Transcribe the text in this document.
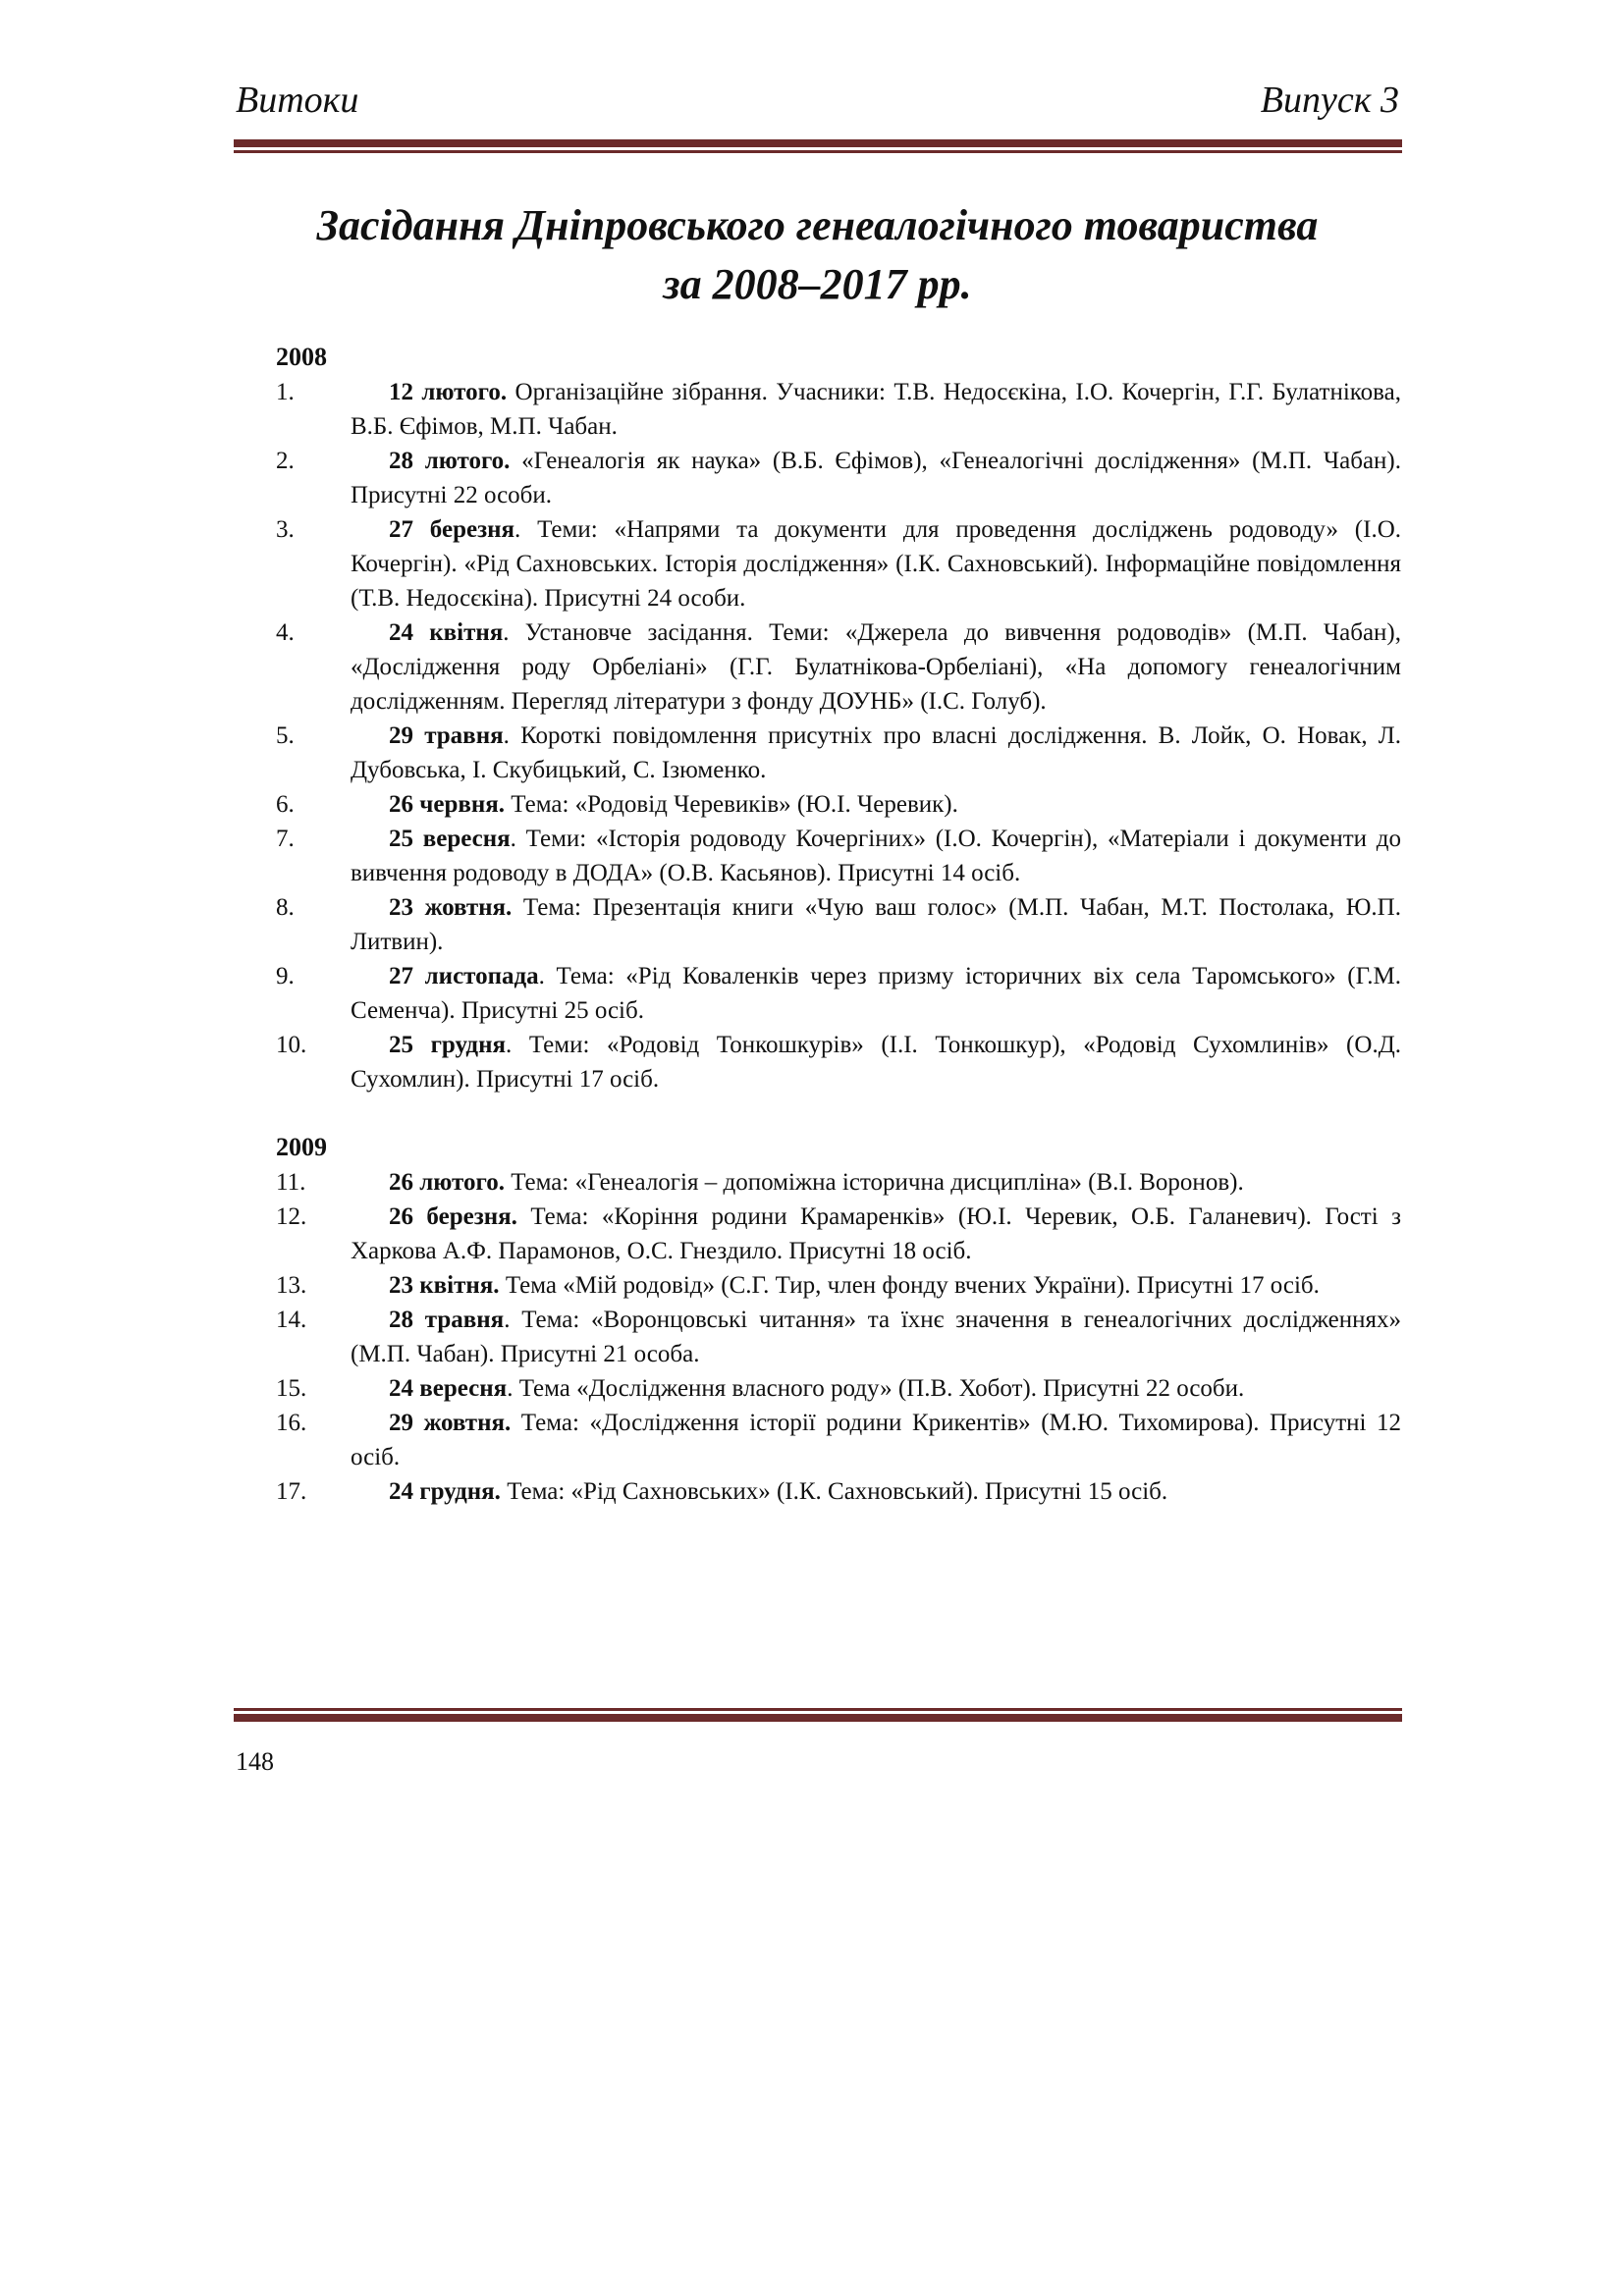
Витоки	Випуск 3
Засідання Дніпровського генеалогічного товариства
за 2008–2017 рр.
2008
1.	12 лютого. Організаційне зібрання. Учасники: Т.В. Недосєкіна, І.О. Кочергін, Г.Г. Булатнікова, В.Б. Єфімов, М.П. Чабан.
2.	28 лютого. «Генеалогія як наука» (В.Б. Єфімов), «Генеалогічні дослідження» (М.П. Чабан). Присутні 22 особи.
3.	27 березня. Теми: «Напрями та документи для проведення досліджень родоводу» (І.О. Кочергін). «Рід Сахновських. Історія дослідження» (І.К. Сахновський). Інформаційне повідомлення (Т.В. Недосєкіна). Присутні 24 особи.
4.	24 квітня. Установче засідання. Теми: «Джерела до вивчення родоводів» (М.П. Чабан), «Дослідження роду Орбеліані» (Г.Г. Булатнікова-Орбеліані), «На допомогу генеалогічним дослідженням. Перегляд літератури з фонду ДОУНБ» (І.С. Голуб).
5.	29 травня. Короткі повідомлення присутніх про власні дослідження. В. Лойк, О. Новак, Л. Дубовська, І. Скубицький, С. Ізюменко.
6.	26 червня. Тема: «Родовід Черевиків» (Ю.І. Черевик).
7.	25 вересня. Теми: «Історія родоводу Кочергіних» (І.О. Кочергін), «Матеріали і документи до вивчення родоводу в ДОДА» (О.В. Касьянов). Присутні 14 осіб.
8.	23 жовтня. Тема: Презентація книги «Чую ваш голос» (М.П. Чабан, М.Т. Постолака, Ю.П. Литвин).
9.	27 листопада. Тема: «Рід Коваленків через призму історичних віх села Таромського» (Г.М. Семенча). Присутні 25 осіб.
10.	25 грудня. Теми: «Родовід Тонкошкурів» (І.І. Тонкошкур), «Родовід Сухомлинів» (О.Д. Сухомлин). Присутні 17 осіб.
2009
11.	26 лютого. Тема: «Генеалогія – допоміжна історична дисципліна» (В.І. Воронов).
12.	26 березня. Тема: «Коріння родини Крамаренків» (Ю.І. Черевик, О.Б. Галаневич). Гості з Харкова А.Ф. Парамонов, О.С. Гнездило. Присутні 18 осіб.
13.	23 квітня. Тема «Мій родовід» (С.Г. Тир, член фонду вчених України). Присутні 17 осіб.
14.	28 травня. Тема: «Воронцовські читання» та їхнє значення в генеалогічних дослідженнях» (М.П. Чабан). Присутні 21 особа.
15.	24 вересня. Тема «Дослідження власного роду» (П.В. Хобот). Присутні 22 особи.
16.	29 жовтня. Тема: «Дослідження історії родини Крикентів» (М.Ю. Тихомирова). Присутні 12 осіб.
17.	24 грудня. Тема: «Рід Сахновських» (І.К. Сахновський). Присутні 15 осіб.
148
